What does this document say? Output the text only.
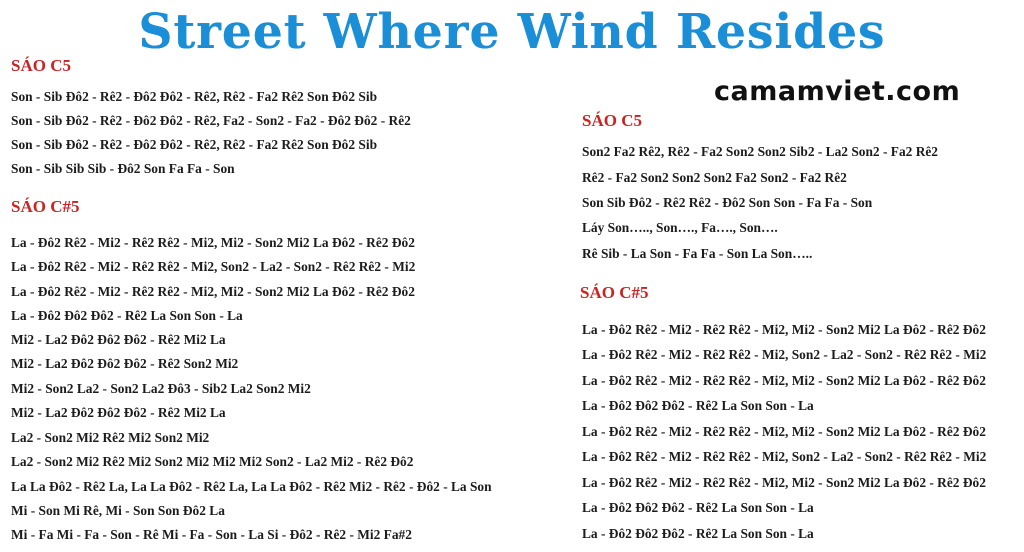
Street Where Wind Resides
camamviet.com
SÁO C5
Son - Sib Đô2 - Rê2 - Đô2 Đô2 - Rê2, Rê2 - Fa2 Rê2 Son Đô2 Sib
Son - Sib Đô2 - Rê2 - Đô2 Đô2 - Rê2, Fa2 - Son2 - Fa2 - Đô2 Đô2 - Rê2
Son - Sib Đô2 - Rê2 - Đô2 Đô2 - Rê2, Rê2 - Fa2 Rê2 Son Đô2 Sib
Son - Sib Sib Sib - Đô2 Son Fa Fa - Son
SÁO C#5
La - Đô2 Rê2 - Mi2 - Rê2 Rê2 - Mi2, Mi2 - Son2 Mi2 La Đô2 - Rê2 Đô2
La - Đô2 Rê2 - Mi2 - Rê2 Rê2 - Mi2, Son2 - La2 - Son2 - Rê2 Rê2 - Mi2
La - Đô2 Rê2 - Mi2 - Rê2 Rê2 - Mi2, Mi2 - Son2 Mi2 La Đô2 - Rê2 Đô2
La - Đô2 Đô2 Đô2 - Rê2 La Son Son - La
Mi2 - La2 Đô2 Đô2 Đô2 - Rê2 Mi2 La
Mi2 - La2 Đô2 Đô2 Đô2 - Rê2 Son2 Mi2
Mi2 - Son2 La2 - Son2 La2 Đô3 - Sib2 La2 Son2 Mi2
Mi2 - La2 Đô2 Đô2 Đô2 - Rê2 Mi2 La
La2 - Son2 Mi2 Rê2 Mi2 Son2 Mi2
La2 - Son2 Mi2 Rê2 Mi2 Son2 Mi2 Mi2 Mi2 Son2 - La2 Mi2 - Rê2 Đô2
La La Đô2 - Rê2 La, La La Đô2 - Rê2 La, La La Đô2 - Rê2 Mi2 - Rê2 - Đô2 - La Son
Mi - Son Mi Rê, Mi - Son Son Đô2 La
Mi - Fa Mi - Fa - Son - Rê Mi - Fa - Son - La Si - Đô2 - Rê2 - Mi2 Fa#2
SÁO C5
Son2 Fa2 Rê2, Rê2 - Fa2 Son2 Son2 Sib2 - La2 Son2 - Fa2 Rê2
Rê2 - Fa2 Son2 Son2 Son2 Fa2 Son2 - Fa2 Rê2
Son Sib Đô2 - Rê2 Rê2 - Đô2 Son Son - Fa Fa - Son
Láy Son….., Son…., Fa…., Son….
Rê Sib - La Son - Fa Fa - Son La Son…..
SÁO C#5
La - Đô2 Rê2 - Mi2 - Rê2 Rê2 - Mi2, Mi2 - Son2 Mi2 La Đô2 - Rê2 Đô2
La - Đô2 Rê2 - Mi2 - Rê2 Rê2 - Mi2, Son2 - La2 - Son2 - Rê2 Rê2 - Mi2
La - Đô2 Rê2 - Mi2 - Rê2 Rê2 - Mi2, Mi2 - Son2 Mi2 La Đô2 - Rê2 Đô2
La - Đô2 Đô2 Đô2 - Rê2 La Son Son - La
La - Đô2 Rê2 - Mi2 - Rê2 Rê2 - Mi2, Mi2 - Son2 Mi2 La Đô2 - Rê2 Đô2
La - Đô2 Rê2 - Mi2 - Rê2 Rê2 - Mi2, Son2 - La2 - Son2 - Rê2 Rê2 - Mi2
La - Đô2 Rê2 - Mi2 - Rê2 Rê2 - Mi2, Mi2 - Son2 Mi2 La Đô2 - Rê2 Đô2
La - Đô2 Đô2 Đô2 - Rê2 La Son Son - La
La - Đô2 Đô2 Đô2 - Rê2 La Son Son - La
